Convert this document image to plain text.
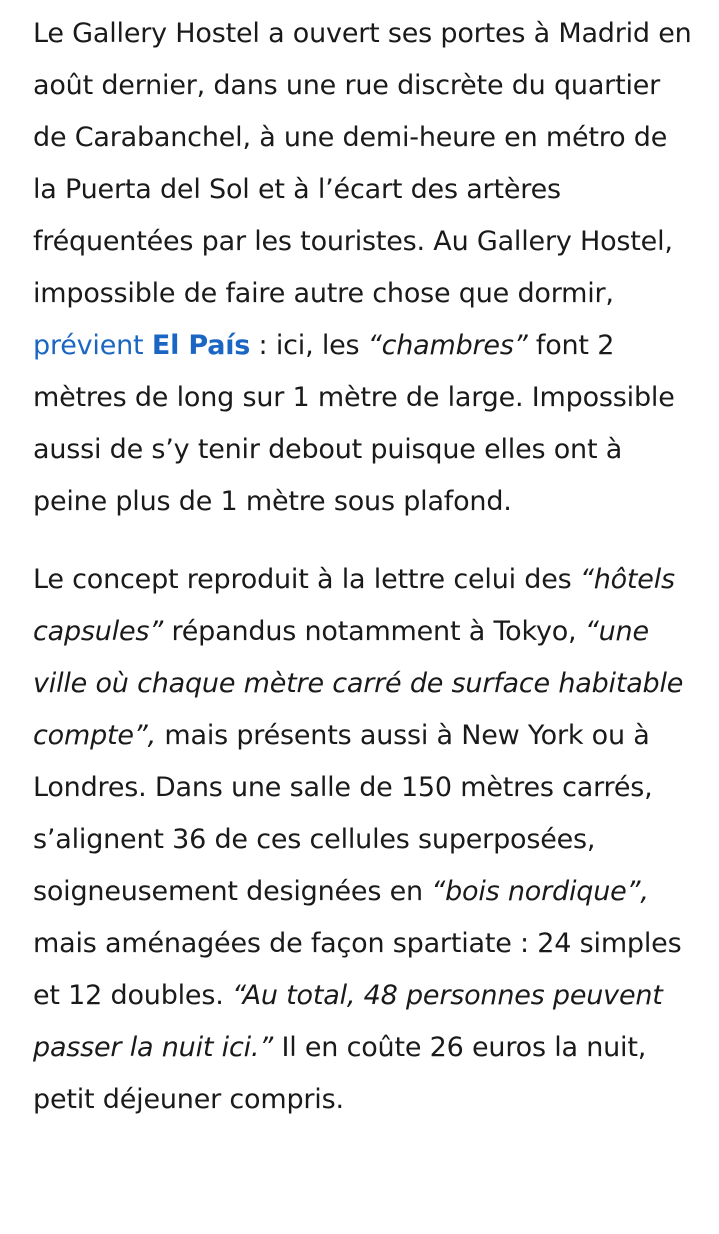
Le Gallery Hostel a ouvert ses portes à Madrid en août dernier, dans une rue discrète du quartier de Carabanchel, à une demi-heure en métro de la Puerta del Sol et à l’écart des artères fréquentées par les touristes. Au Gallery Hostel, impossible de faire autre chose que dormir, prévient El País : ici, les “chambres” font 2 mètres de long sur 1 mètre de large. Impossible aussi de s’y tenir debout puisque elles ont à peine plus de 1 mètre sous plafond.

Le concept reproduit à la lettre celui des “hôtels capsules” répandus notamment à Tokyo, “une ville où chaque mètre carré de surface habitable compte”, mais présents aussi à New York ou à Londres. Dans une salle de 150 mètres carrés, s’alignent 36 de ces cellules superposées, soigneusement designées en “bois nordique”, mais aménagées de façon spartiate : 24 simples et 12 doubles. “Au total, 48 personnes peuvent passer la nuit ici.” Il en coûte 26 euros la nuit, petit déjeuner compris.
